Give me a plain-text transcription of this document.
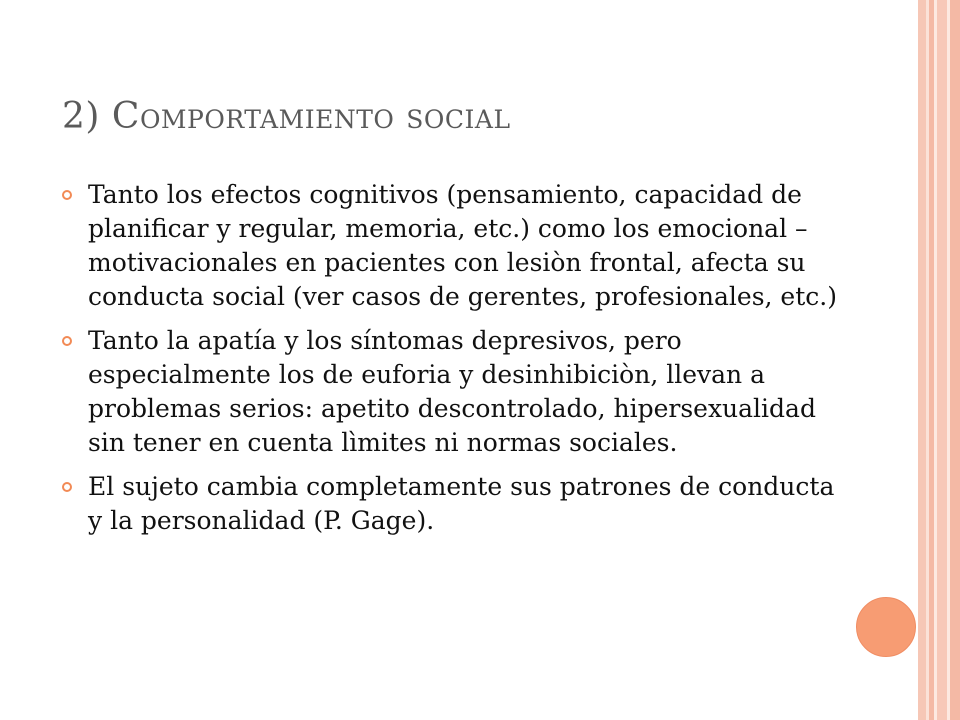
2) Comportamiento social
Tanto los efectos cognitivos (pensamiento, capacidad de planificar y regular, memoria, etc.) como los emocional – motivacionales en pacientes con lesiòn frontal, afecta su conducta social (ver casos de gerentes, profesionales, etc.)
Tanto la apatía y los síntomas depresivos, pero especialmente los de euforia y desinhibiciòn, llevan a problemas serios: apetito descontrolado, hipersexualidad sin tener en cuenta lìmites ni normas sociales.
El sujeto cambia completamente sus patrones de conducta y la personalidad (P. Gage).
